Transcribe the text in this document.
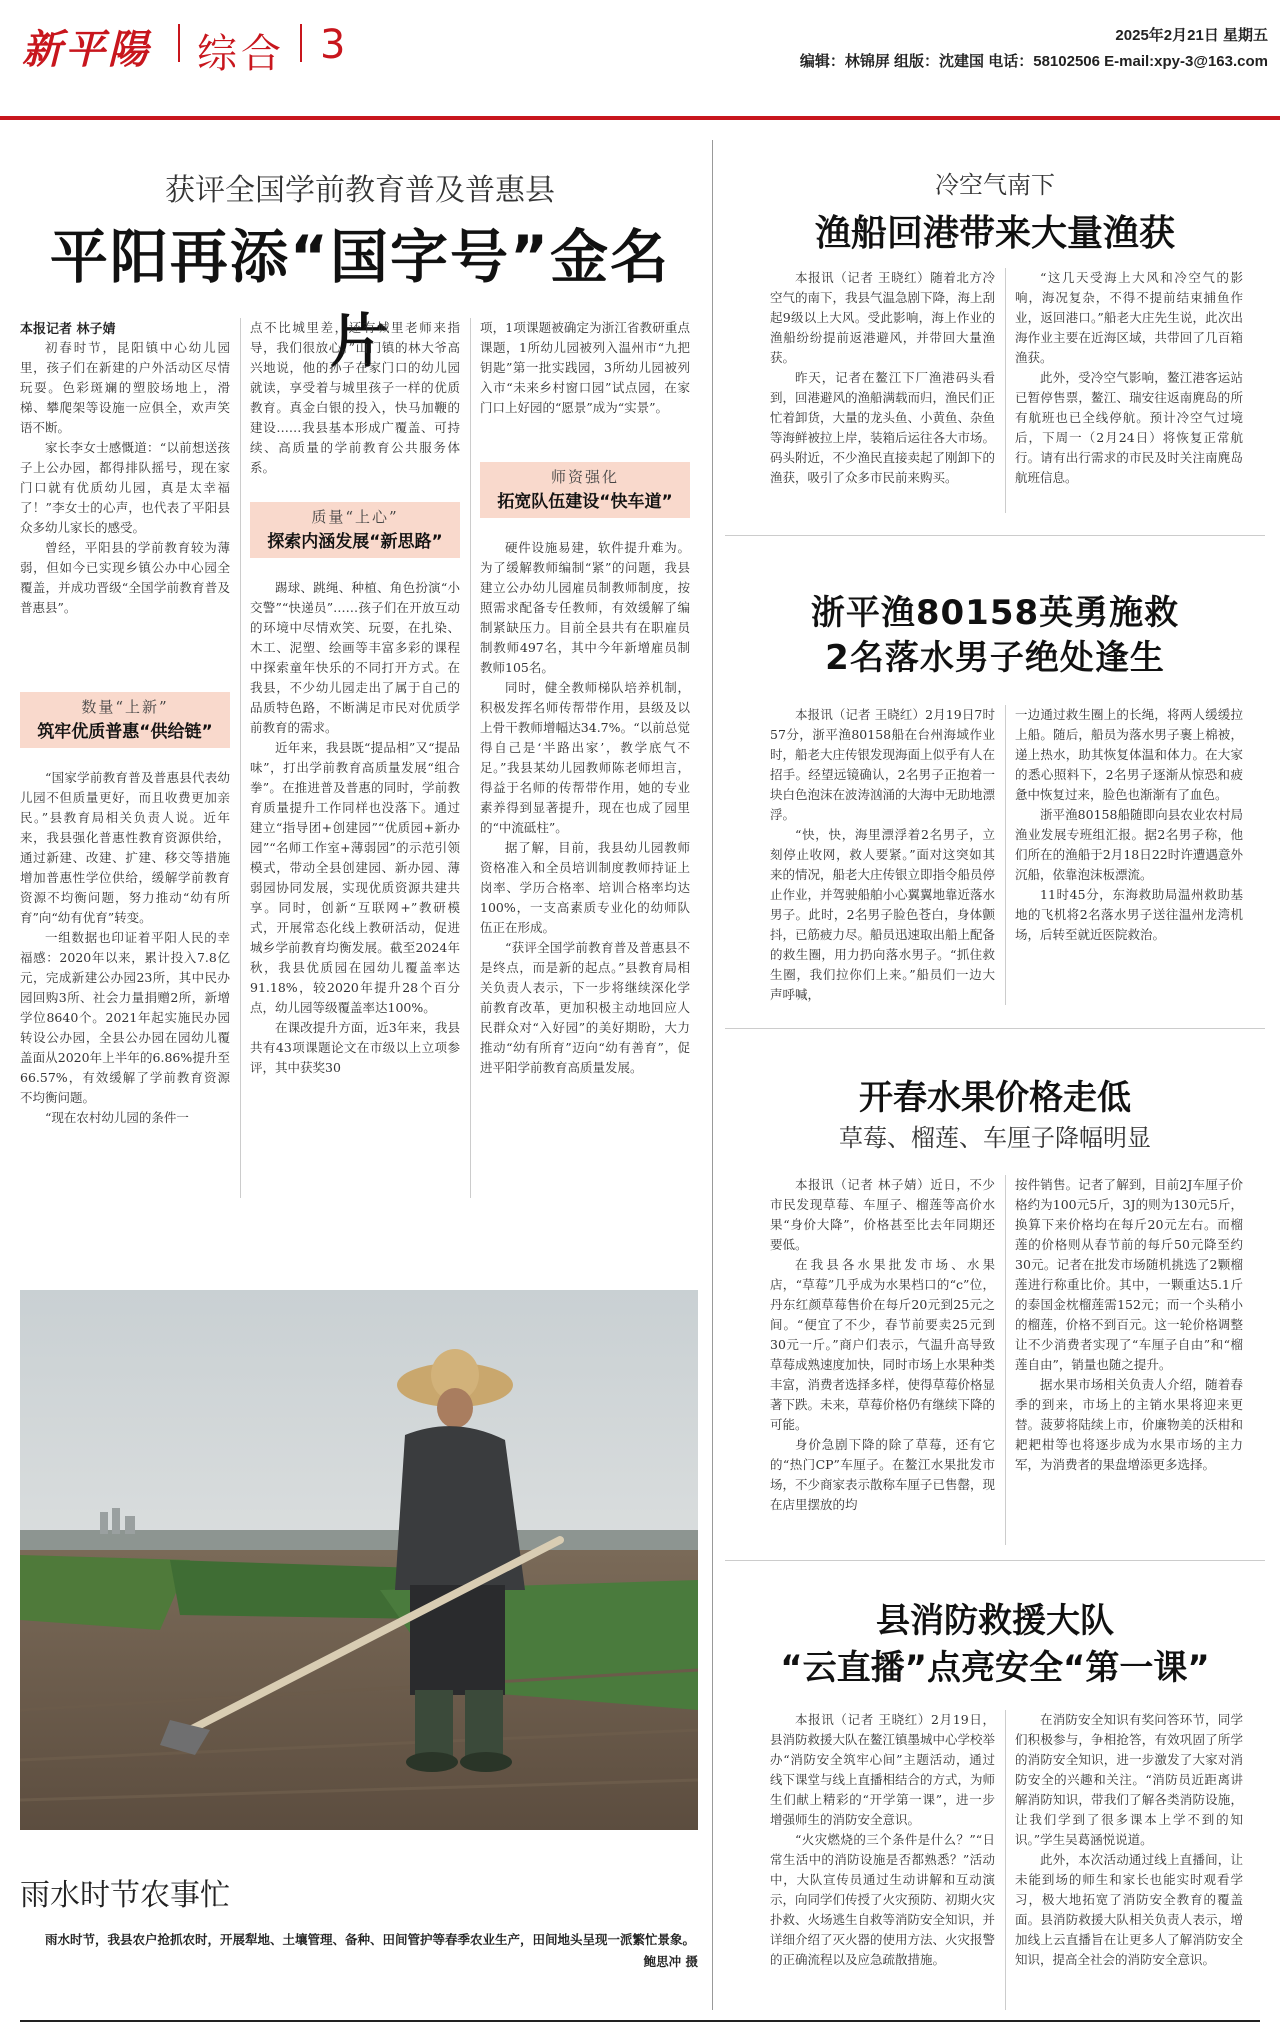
新平陽 综合 3	2025年2月21日 星期五
编辑：林锦屏 组版：沈建国 电话：58102506 E-mail:xpy-3@163.com
获评全国学前教育普及普惠县
平阳再添“国字号”金名片
本报记者 林子婧

初春时节，昆阳镇中心幼儿园里，孩子们在新建的户外活动区尽情玩耍。色彩斑斓的塑胶场地上，滑梯、攀爬架等设施一应俱全，欢声笑语不断。

家长李女士感慨道：“以前想送孩子上公办园，都得排队摇号，现在家门口就有优质幼儿园，真是太幸福了！”李女士的心声，也代表了平阳县众多幼儿家长的感受。

曾经，平阳县的学前教育较为薄弱，但如今已实现乡镇公办中心园全覆盖，并成功晋级“全国学前教育普及普惠县”。

数量“上新”
筑牢优质普惠“供给链”

“国家学前教育普及普惠县代表幼儿园不但质量更好，而且收费更加亲民。”县教育局相关负责人说。近年来，我县强化普惠性教育资源供给，通过新建、改建、扩建、移交等措施增加普惠性学位供给，缓解学前教育资源不均衡问题，努力推动“幼有所育”向“幼有优育”转变。

一组数据也印证着平阳人民的幸福感：2020年以来，累计投入7.8亿元，完成新建公办园23所，其中民办园回购3所、社会力量捐赠2所，新增学位8640个。2021年起实施民办园转设公办园，全县公办园在园幼儿覆盖面从2020年上半年的6.86%提升至66.57%，有效缓解了学前教育资源不均衡问题。

“现在农村幼儿园的条件一

点不比城里差，还有城里老师来指导，我们很放心。”山门镇的林大爷高兴地说，他的孙子在家门口的幼儿园就读，享受着与城里孩子一样的优质教育。真金白银的投入，快马加鞭的建设……我县基本形成广覆盖、可持续、高质量的学前教育公共服务体系。

质量“上心”
探索内涵发展“新思路”

踢球、跳绳、种植、角色扮演“小交警”“快递员”……孩子们在开放互动的环境中尽情欢笑、玩耍，在扎染、木工、泥塑、绘画等丰富多彩的课程中探索童年快乐的不同打开方式。在我县，不少幼儿园走出了属于自己的品质特色路，不断满足市民对优质学前教育的需求。

近年来，我县既“提品相”又“提品味”，打出学前教育高质量发展“组合拳”。在推进普及普惠的同时，学前教育质量提升工作同样也没落下。通过建立“指导团+创建园”“优质园+新办园”“名师工作室+薄弱园”的示范引领模式，带动全县创建园、新办园、薄弱园协同发展，实现优质资源共建共享。同时，创新“互联网+”教研模式，开展常态化线上教研活动，促进城乡学前教育均衡发展。截至2024年秋，我县优质园在园幼儿覆盖率达91.18%，较2020年提升28个百分点，幼儿园等级覆盖率达100%。

在课改提升方面，近3年来，我县共有43项课题论文在市级以上立项参评，其中获奖30

项，1项课题被确定为浙江省教研重点课题，1所幼儿园被列入温州市“九把钥匙”第一批实践园，3所幼儿园被列入市“未来乡村窗口园”试点园，在家门口上好园的“愿景”成为“实景”。

师资强化
拓宽队伍建设“快车道”

硬件设施易建，软件提升难为。为了缓解教师编制“紧”的问题，我县建立公办幼儿园雇员制教师制度，按照需求配备专任教师，有效缓解了编制紧缺压力。目前全县共有在职雇员制教师497名，其中今年新增雇员制教师105名。

同时，健全教师梯队培养机制，积极发挥名师传帮带作用，县级及以上骨干教师增幅达34.7%。“以前总觉得自己是‘半路出家’，教学底气不足。”我县某幼儿园教师陈老师坦言，得益于名师的传帮带作用，她的专业素养得到显著提升，现在也成了园里的“中流砥柱”。

据了解，目前，我县幼儿园教师资格准入和全员培训制度教师持证上岗率、学历合格率、培训合格率均达100%，一支高素质专业化的幼师队伍正在形成。

“获评全国学前教育普及普惠县不是终点，而是新的起点。”县教育局相关负责人表示，下一步将继续深化学前教育改革，更加积极主动地回应人民群众对“入好园”的美好期盼，大力推动“幼有所育”迈向“幼有善育”，促进平阳学前教育高质量发展。

雨水时节农事忙
雨水时节，我县农户抢抓农时，开展犁地、土壤管理、备种、田间管护等春季农业生产，田间地头呈现一派繁忙景象。
鲍思冲 摄
冷空气南下
渔船回港带来大量渔获

本报讯（记者 王晓红）随着北方冷空气的南下，我县气温急剧下降，海上刮起9级以上大风。受此影响，海上作业的渔船纷纷提前返港避风，并带回大量渔获。

昨天，记者在鳌江下厂渔港码头看到，回港避风的渔船满载而归，渔民们正忙着卸货，大量的龙头鱼、小黄鱼、杂鱼等海鲜被拉上岸，装箱后运往各大市场。码头附近，不少渔民直接卖起了刚卸下的渔获，吸引了众多市民前来购买。

“这几天受海上大风和冷空气的影响，海况复杂，不得不提前结束捕鱼作业，返回港口。”船老大庄先生说，此次出海作业主要在近海区域，共带回了几百箱渔获。

此外，受冷空气影响，鳌江港客运站已暂停售票，鳌江、瑞安往返南麂岛的所有航班也已全线停航。预计冷空气过境后，下周一（2月24日）将恢复正常航行。请有出行需求的市民及时关注南麂岛航班信息。

浙平渔80158英勇施救
2名落水男子绝处逢生

本报讯（记者 王晓红）2月19日7时57分，浙平渔80158船在台州海域作业时，船老大庄传银发现海面上似乎有人在招手。经望远镜确认，2名男子正抱着一块白色泡沫在波涛汹涌的大海中无助地漂浮。

“快，快，海里漂浮着2名男子，立刻停止收网，救人要紧。”面对这突如其来的情况，船老大庄传银立即指令船员停止作业，并驾驶船舶小心翼翼地靠近落水男子。此时，2名男子脸色苍白，身体颤抖，已筋疲力尽。船员迅速取出船上配备的救生圈，用力扔向落水男子。“抓住救生圈，我们拉你们上来。”船员们一边大声呼喊，

一边通过救生圈上的长绳，将两人缓缓拉上船。随后，船员为落水男子裹上棉被，递上热水，助其恢复体温和体力。在大家的悉心照料下，2名男子逐渐从惊恐和疲惫中恢复过来，脸色也渐渐有了血色。

浙平渔80158船随即向县农业农村局渔业发展专班组汇报。据2名男子称，他们所在的渔船于2月18日22时许遭遇意外沉船，依靠泡沫板漂流。

11时45分，东海救助局温州救助基地的飞机将2名落水男子送往温州龙湾机场，后转至就近医院救治。

开春水果价格走低
草莓、榴莲、车厘子降幅明显

本报讯（记者 林子婧）近日，不少市民发现草莓、车厘子、榴莲等高价水果“身价大降”，价格甚至比去年同期还要低。

在我县各水果批发市场、水果店，“草莓”几乎成为水果档口的“c”位，丹东红颜草莓售价在每斤20元到25元之间。“便宜了不少，春节前要卖25元到30元一斤。”商户们表示，气温升高导致草莓成熟速度加快，同时市场上水果种类丰富，消费者选择多样，使得草莓价格显著下跌。未来，草莓价格仍有继续下降的可能。

身价急剧下降的除了草莓，还有它的“热门CP”车厘子。在鳌江水果批发市场，不少商家表示散称车厘子已售罄，现在店里摆放的均

按件销售。记者了解到，目前2J车厘子价格约为100元5斤，3J的则为130元5斤，换算下来价格均在每斤20元左右。而榴莲的价格则从春节前的每斤50元降至约30元。记者在批发市场随机挑选了2颗榴莲进行称重比价。其中，一颗重达5.1斤的泰国金枕榴莲需152元；而一个头稍小的榴莲，价格不到百元。这一轮价格调整让不少消费者实现了“车厘子自由”和“榴莲自由”，销量也随之提升。

据水果市场相关负责人介绍，随着春季的到来，市场上的主销水果将迎来更替。菠萝将陆续上市，价廉物美的沃柑和耙耙柑等也将逐步成为水果市场的主力军，为消费者的果盘增添更多选择。

县消防救援大队
“云直播”点亮安全“第一课”

本报讯（记者 王晓红）2月19日，县消防救援大队在鳌江镇墨城中心学校举办“消防安全筑牢心间”主题活动，通过线下课堂与线上直播相结合的方式，为师生们献上精彩的“开学第一课”，进一步增强师生的消防安全意识。

“火灾燃烧的三个条件是什么？”“日常生活中的消防设施是否都熟悉？”活动中，大队宣传员通过生动讲解和互动演示，向同学们传授了火灾预防、初期火灾扑救、火场逃生自救等消防安全知识，并详细介绍了灭火器的使用方法、火灾报警的正确流程以及应急疏散措施。

在消防安全知识有奖问答环节，同学们积极参与，争相抢答，有效巩固了所学的消防安全知识，进一步激发了大家对消防安全的兴趣和关注。“消防员近距离讲解消防知识，带我们了解各类消防设施，让我们学到了很多课本上学不到的知识。”学生吴葛涵悦说道。

此外，本次活动通过线上直播间，让未能到场的师生和家长也能实时观看学习，极大地拓宽了消防安全教育的覆盖面。县消防救援大队相关负责人表示，增加线上云直播旨在让更多人了解消防安全知识，提高全社会的消防安全意识。
